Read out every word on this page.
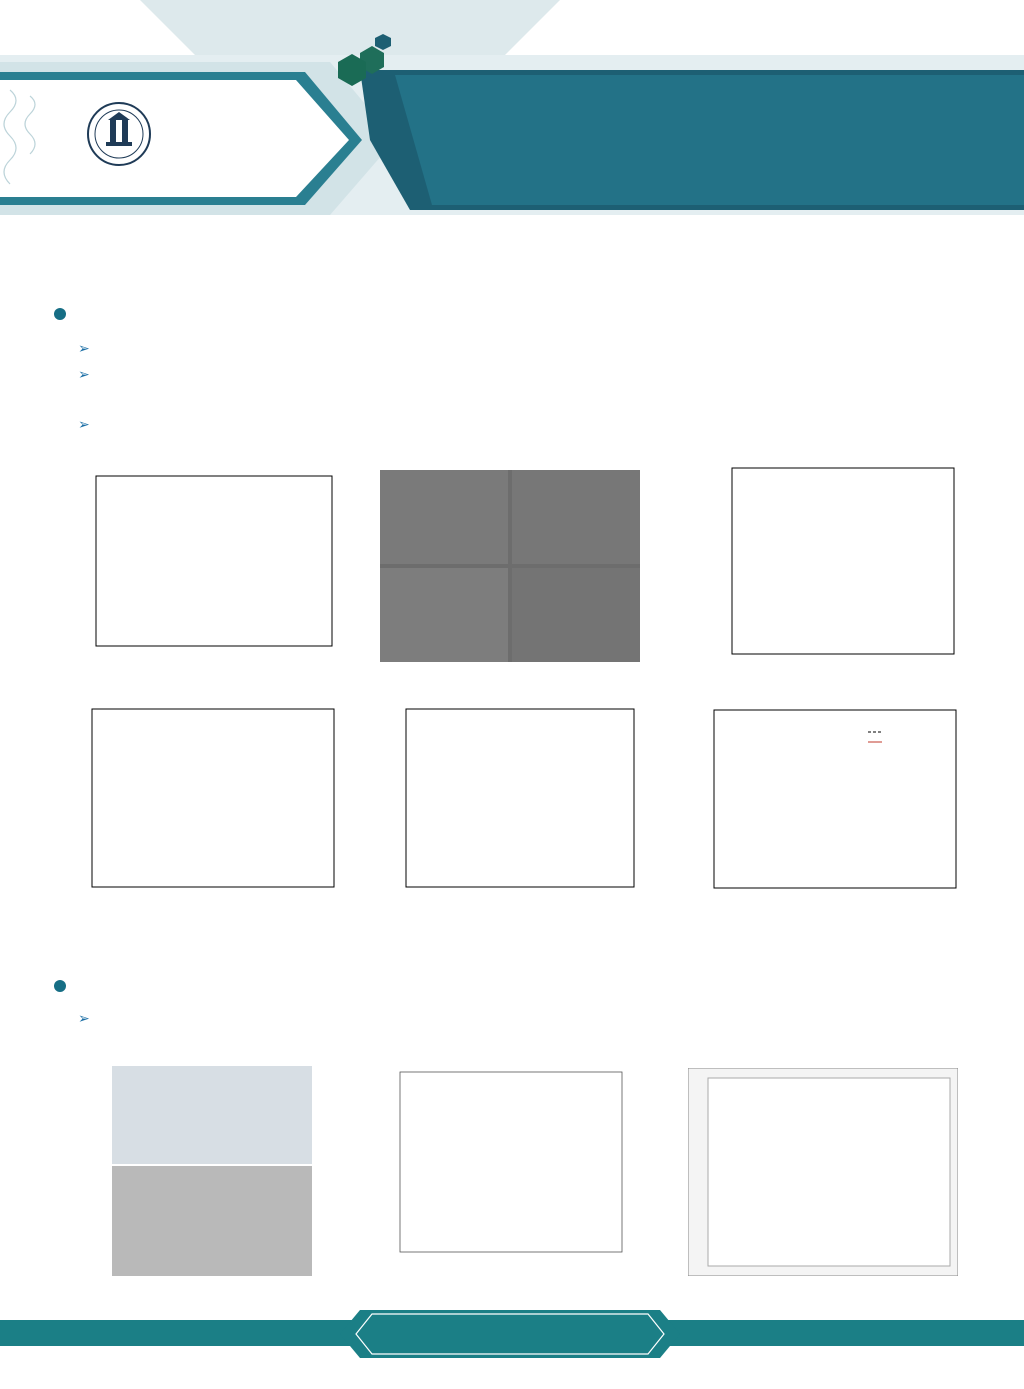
➢
➢
➢
➢
